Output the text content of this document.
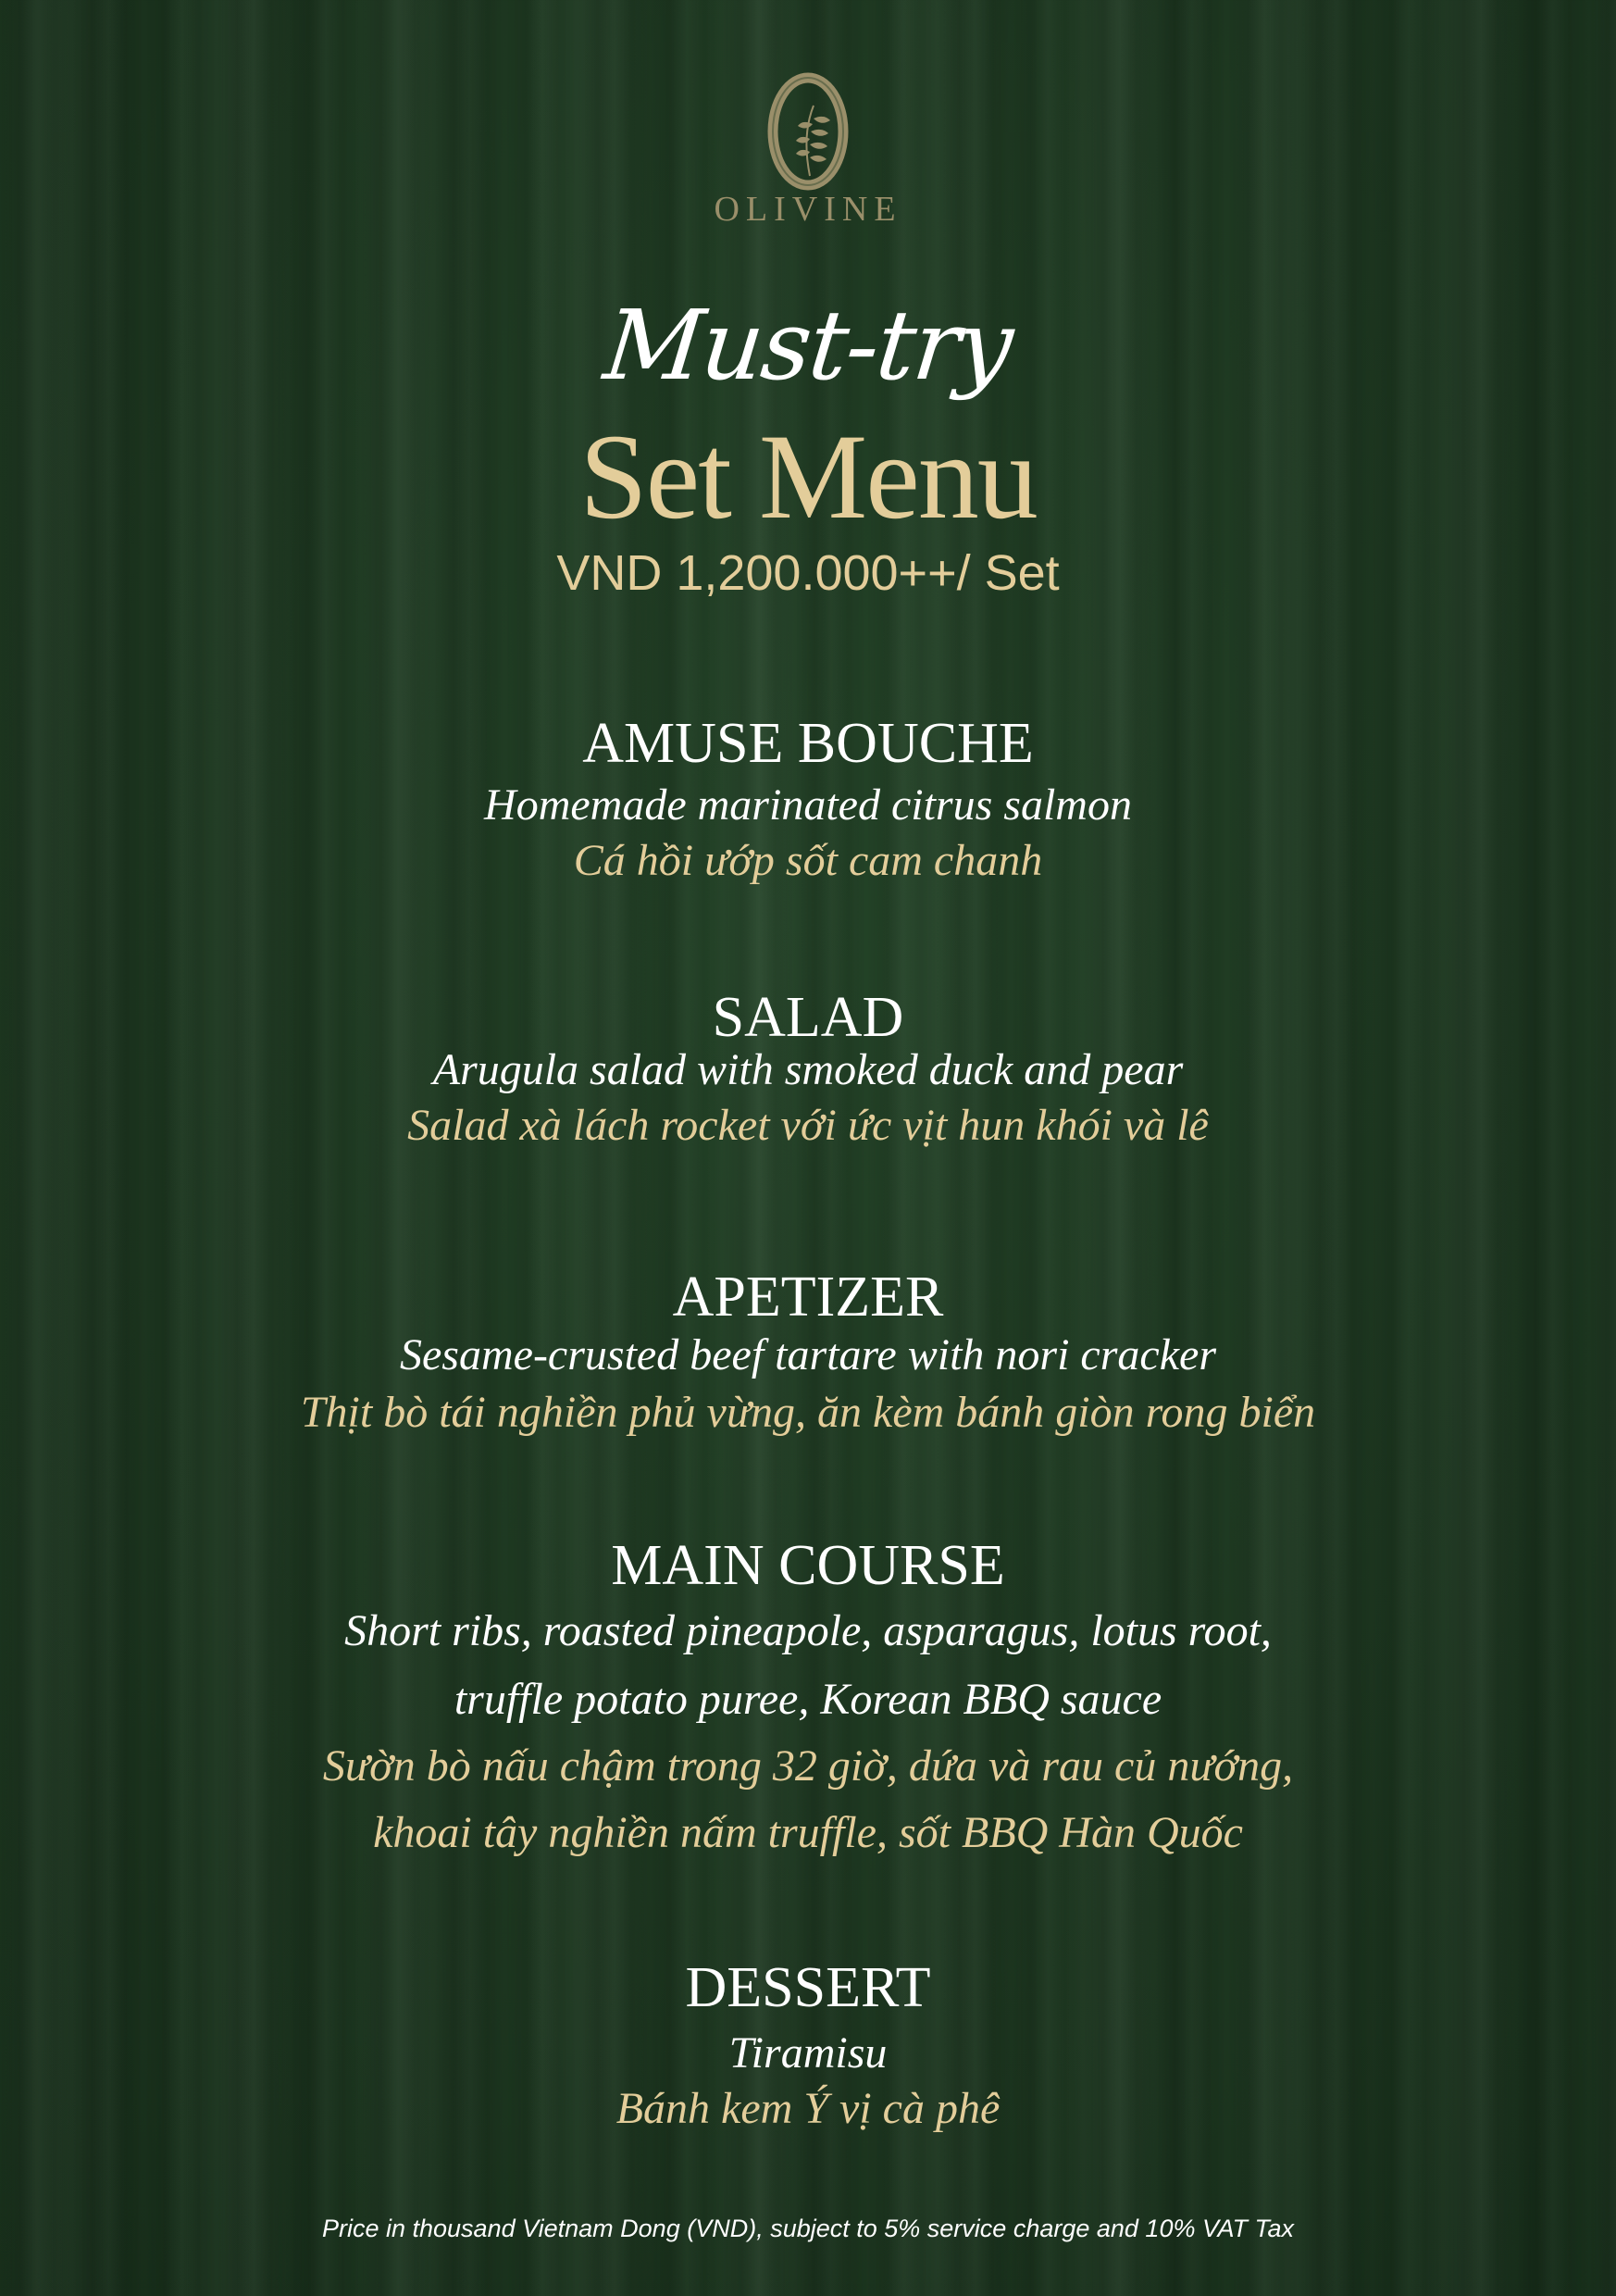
OLIVINE
Must-try
Set Menu
VND 1,200.000++/ Set
AMUSE BOUCHE
Homemade marinated citrus salmon
Cá hồi ướp sốt cam chanh
SALAD
Arugula salad with smoked duck and pear
Salad xà lách rocket với ức vịt hun khói và lê
APETIZER
Sesame-crusted beef tartare with nori cracker
Thịt bò tái nghiền phủ vừng, ăn kèm bánh giòn rong biển
MAIN COURSE
Short ribs, roasted pineapole, asparagus, lotus root,
truffle potato puree, Korean BBQ sauce
Sườn bò nấu chậm trong 32 giờ, dứa và rau củ nướng,
khoai tây nghiền nấm truffle, sốt BBQ Hàn Quốc
DESSERT
Tiramisu
Bánh kem Ý vị cà phê
Price in thousand Vietnam Dong (VND), subject to 5% service charge and 10% VAT Tax
